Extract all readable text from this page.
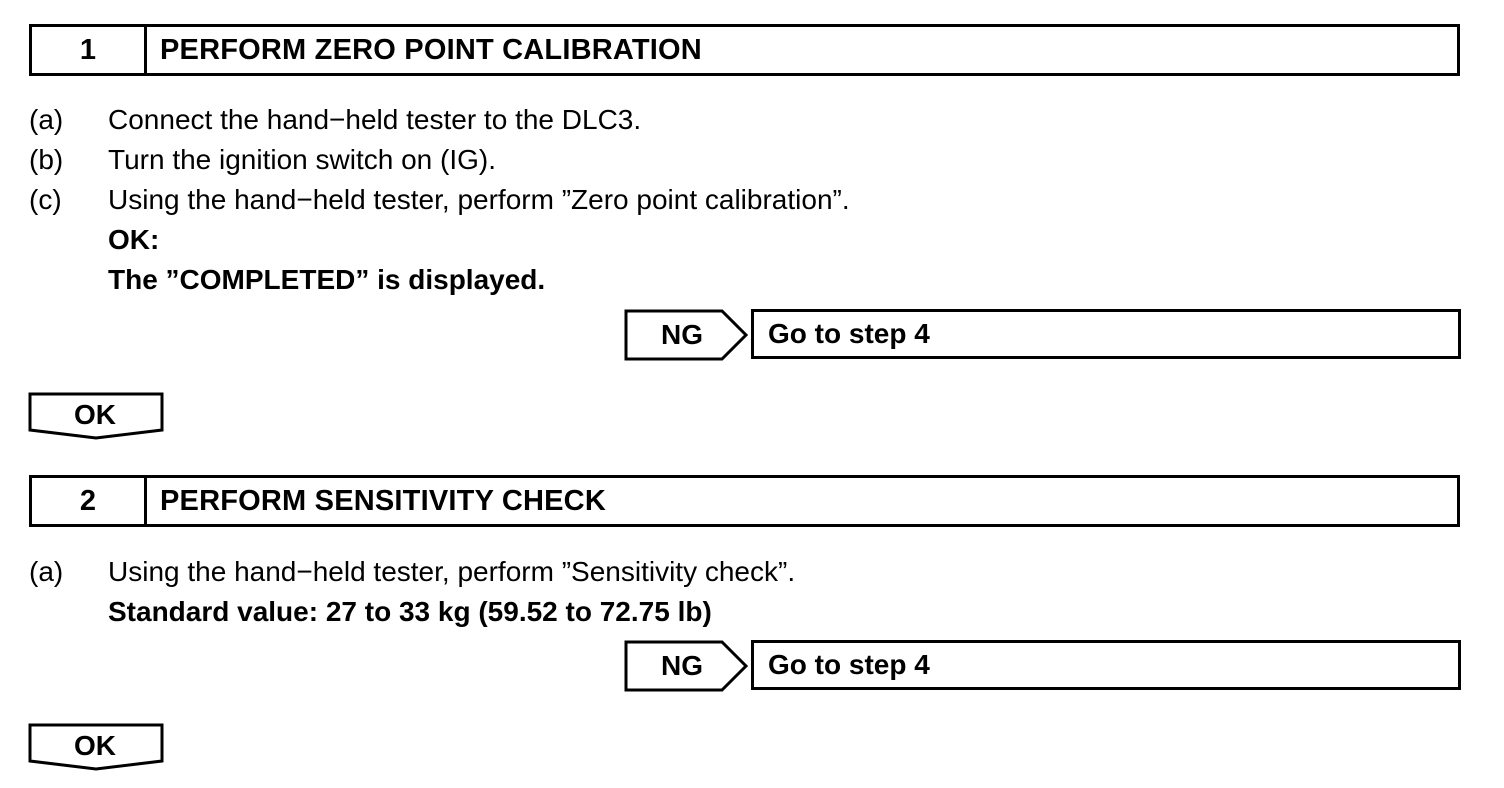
1	PERFORM ZERO POINT CALIBRATION
(a) Connect the hand−held tester to the DLC3.
(b) Turn the ignition switch on (IG).
(c) Using the hand−held tester, perform ”Zero point calibration”.
OK:
The ”COMPLETED” is displayed.
NG	Go to step 4
OK
2	PERFORM SENSITIVITY CHECK
(a) Using the hand−held tester, perform ”Sensitivity check”.
Standard value: 27 to 33 kg (59.52 to 72.75 lb)
NG	Go to step 4
OK
